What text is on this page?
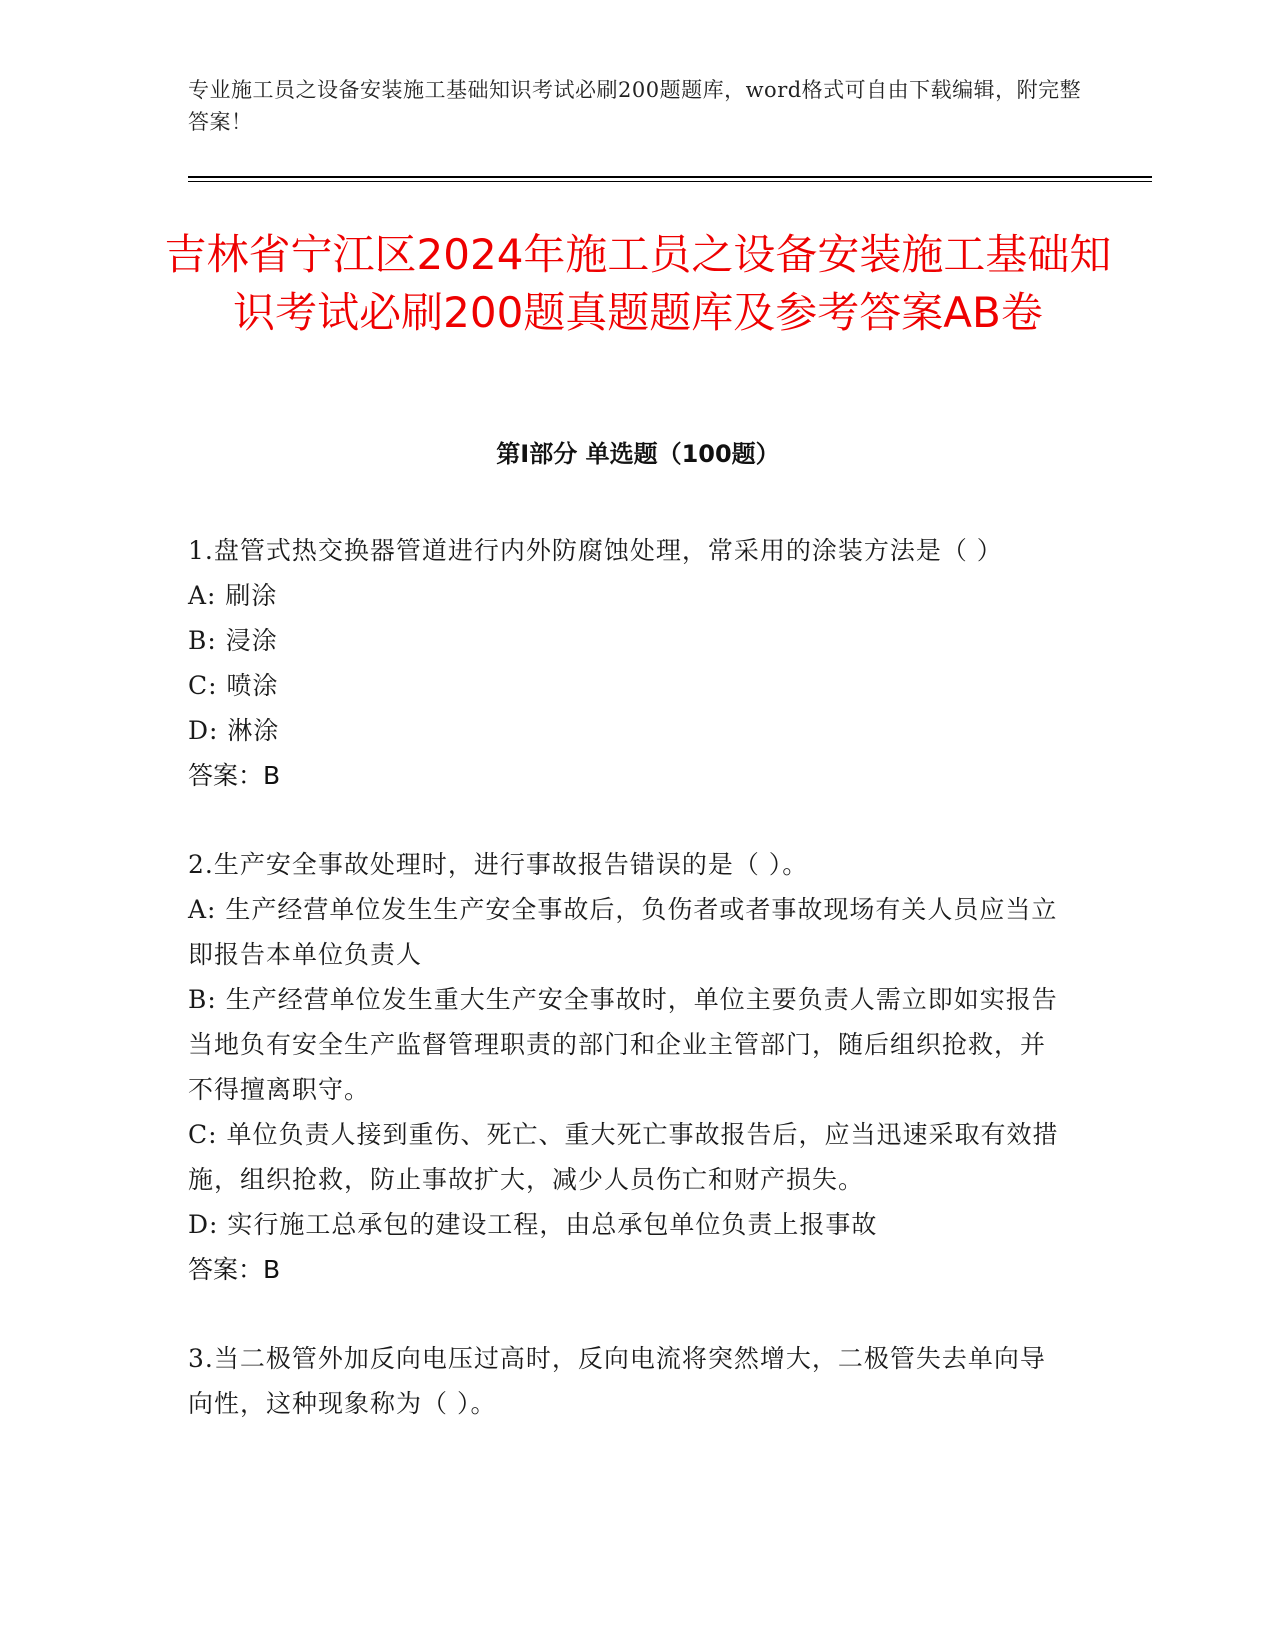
专业施工员之设备安装施工基础知识考试必刷200题题库，word格式可自由下载编辑，附完整答案！
吉林省宁江区2024年施工员之设备安装施工基础知识考试必刷200题真题题库及参考答案AB卷
第I部分 单选题（100题）

1.盘管式热交换器管道进行内外防腐蚀处理，常采用的涂装方法是（ ）

A: 刷涂

B: 浸涂

C: 喷涂

D: 淋涂

答案：B

2.生产安全事故处理时，进行事故报告错误的是（ ）。

A: 生产经营单位发生生产安全事故后，负伤者或者事故现场有关人员应当立即报告本单位负责人

B: 生产经营单位发生重大生产安全事故时，单位主要负责人需立即如实报告当地负有安全生产监督管理职责的部门和企业主管部门，随后组织抢救，并不得擅离职守。

C: 单位负责人接到重伤、死亡、重大死亡事故报告后，应当迅速采取有效措施，组织抢救，防止事故扩大，减少人员伤亡和财产损失。

D: 实行施工总承包的建设工程，由总承包单位负责上报事故

答案：B

3.当二极管外加反向电压过高时，反向电流将突然增大，二极管失去单向导向性，这种现象称为（ ）。
